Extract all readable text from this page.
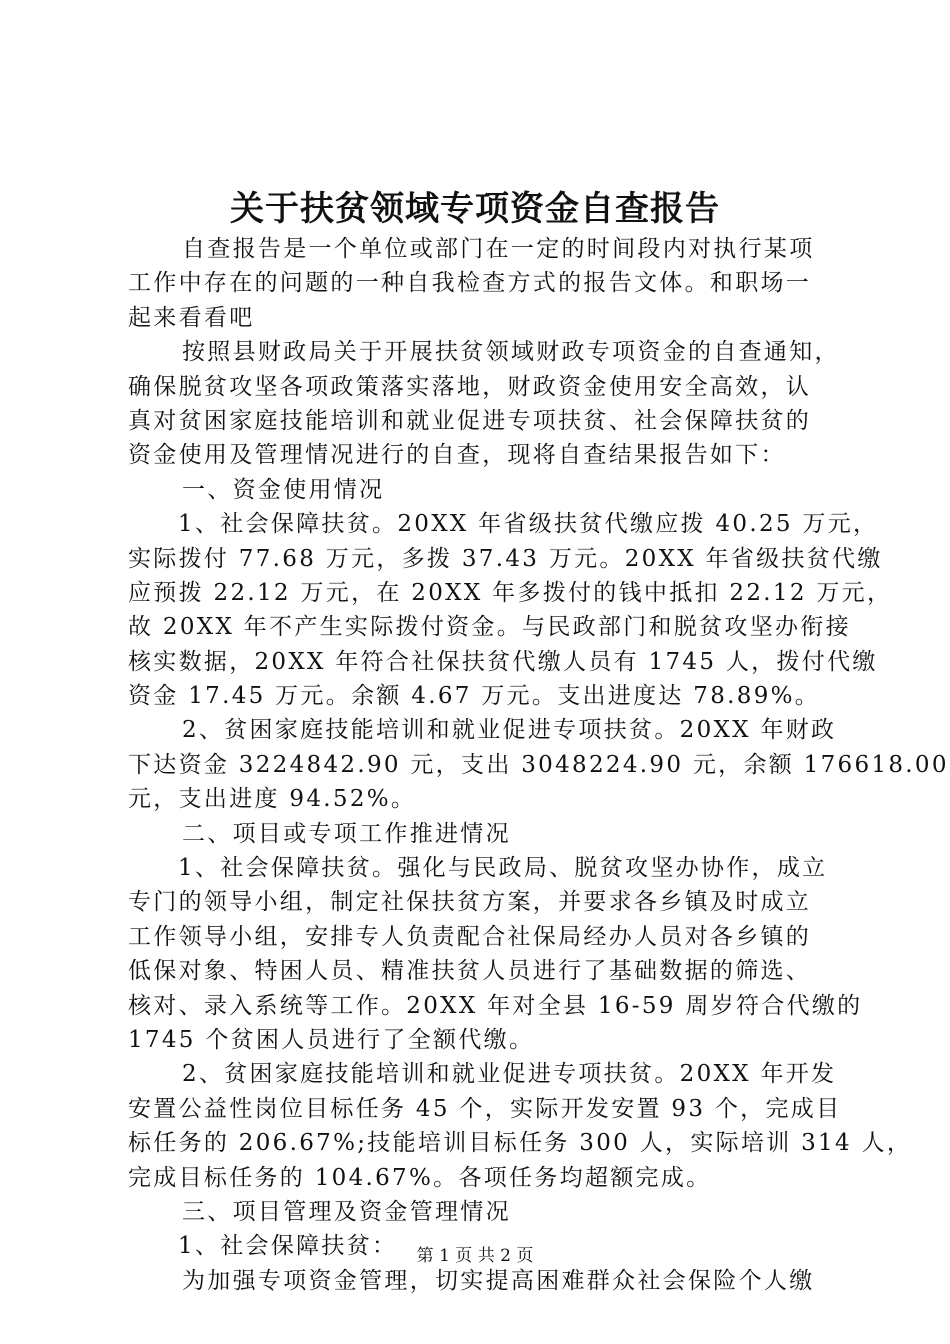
关于扶贫领域专项资金自查报告
自查报告是一个单位或部门在一定的时间段内对执行某项
工作中存在的问题的一种自我检查方式的报告文体。和职场一
起来看看吧
按照县财政局关于开展扶贫领域财政专项资金的自查通知，
确保脱贫攻坚各项政策落实落地，财政资金使用安全高效，认
真对贫困家庭技能培训和就业促进专项扶贫、社会保障扶贫的
资金使用及管理情况进行的自查，现将自查结果报告如下：
一、资金使用情况
1、社会保障扶贫。20XX 年省级扶贫代缴应拨 40.25 万元，
实际拨付 77.68 万元，多拨 37.43 万元。20XX 年省级扶贫代缴
应预拨 22.12 万元，在 20XX 年多拨付的钱中抵扣 22.12 万元，
故 20XX 年不产生实际拨付资金。与民政部门和脱贫攻坚办衔接
核实数据，20XX 年符合社保扶贫代缴人员有 1745 人，拨付代缴
资金 17.45 万元。余额 4.67 万元。支出进度达 78.89%。
2、贫困家庭技能培训和就业促进专项扶贫。20XX 年财政
下达资金 3224842.90 元，支出 3048224.90 元，余额 176618.00
元，支出进度 94.52%。
二、项目或专项工作推进情况
1、社会保障扶贫。强化与民政局、脱贫攻坚办协作，成立
专门的领导小组，制定社保扶贫方案，并要求各乡镇及时成立
工作领导小组，安排专人负责配合社保局经办人员对各乡镇的
低保对象、特困人员、精准扶贫人员进行了基础数据的筛选、
核对、录入系统等工作。20XX 年对全县 16-59 周岁符合代缴的
1745 个贫困人员进行了全额代缴。
2、贫困家庭技能培训和就业促进专项扶贫。20XX 年开发
安置公益性岗位目标任务 45 个，实际开发安置 93 个，完成目
标任务的 206.67%;技能培训目标任务 300 人，实际培训 314 人，
完成目标任务的 104.67%。各项任务均超额完成。
三、项目管理及资金管理情况
1、社会保障扶贫：
为加强专项资金管理，切实提高困难群众社会保险个人缴
第 1 页 共 2 页
